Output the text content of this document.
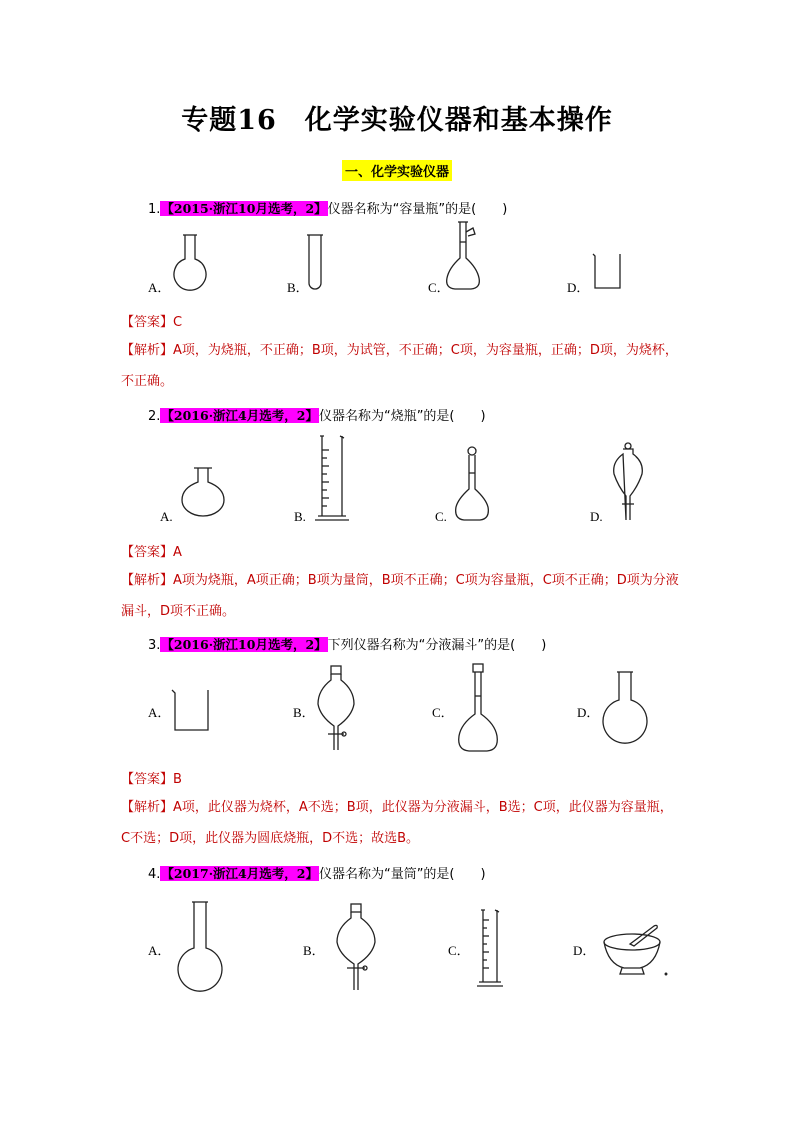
专题16　化学实验仪器和基本操作
一、化学实验仪器
1.【2015·浙江10月选考，2】仪器名称为“容量瓶”的是(　　)
A．	B．	C．	D．
【答案】C
【解析】A项，为烧瓶，不正确；B项，为试管，不正确；C项，为容量瓶，正确；D项，为烧杯，不正确。
2.【2016·浙江4月选考，2】仪器名称为“烧瓶”的是(　　)
A.	B.	C.	D.
【答案】A
【解析】A项为烧瓶，A项正确；B项为量筒，B项不正确；C项为容量瓶，C项不正确；D项为分液漏斗，D项不正确。
3.【2016·浙江10月选考，2】下列仪器名称为“分液漏斗”的是(　　)
A．	B．	C．	D．
【答案】B
【解析】A项，此仪器为烧杯，A不选；B项，此仪器为分液漏斗，B选；C项，此仪器为容量瓶，C不选；D项，此仪器为圆底烧瓶，D不选；故选B。
4.【2017·浙江4月选考，2】仪器名称为“量筒”的是(　　)
A．	B．	C．	D．
